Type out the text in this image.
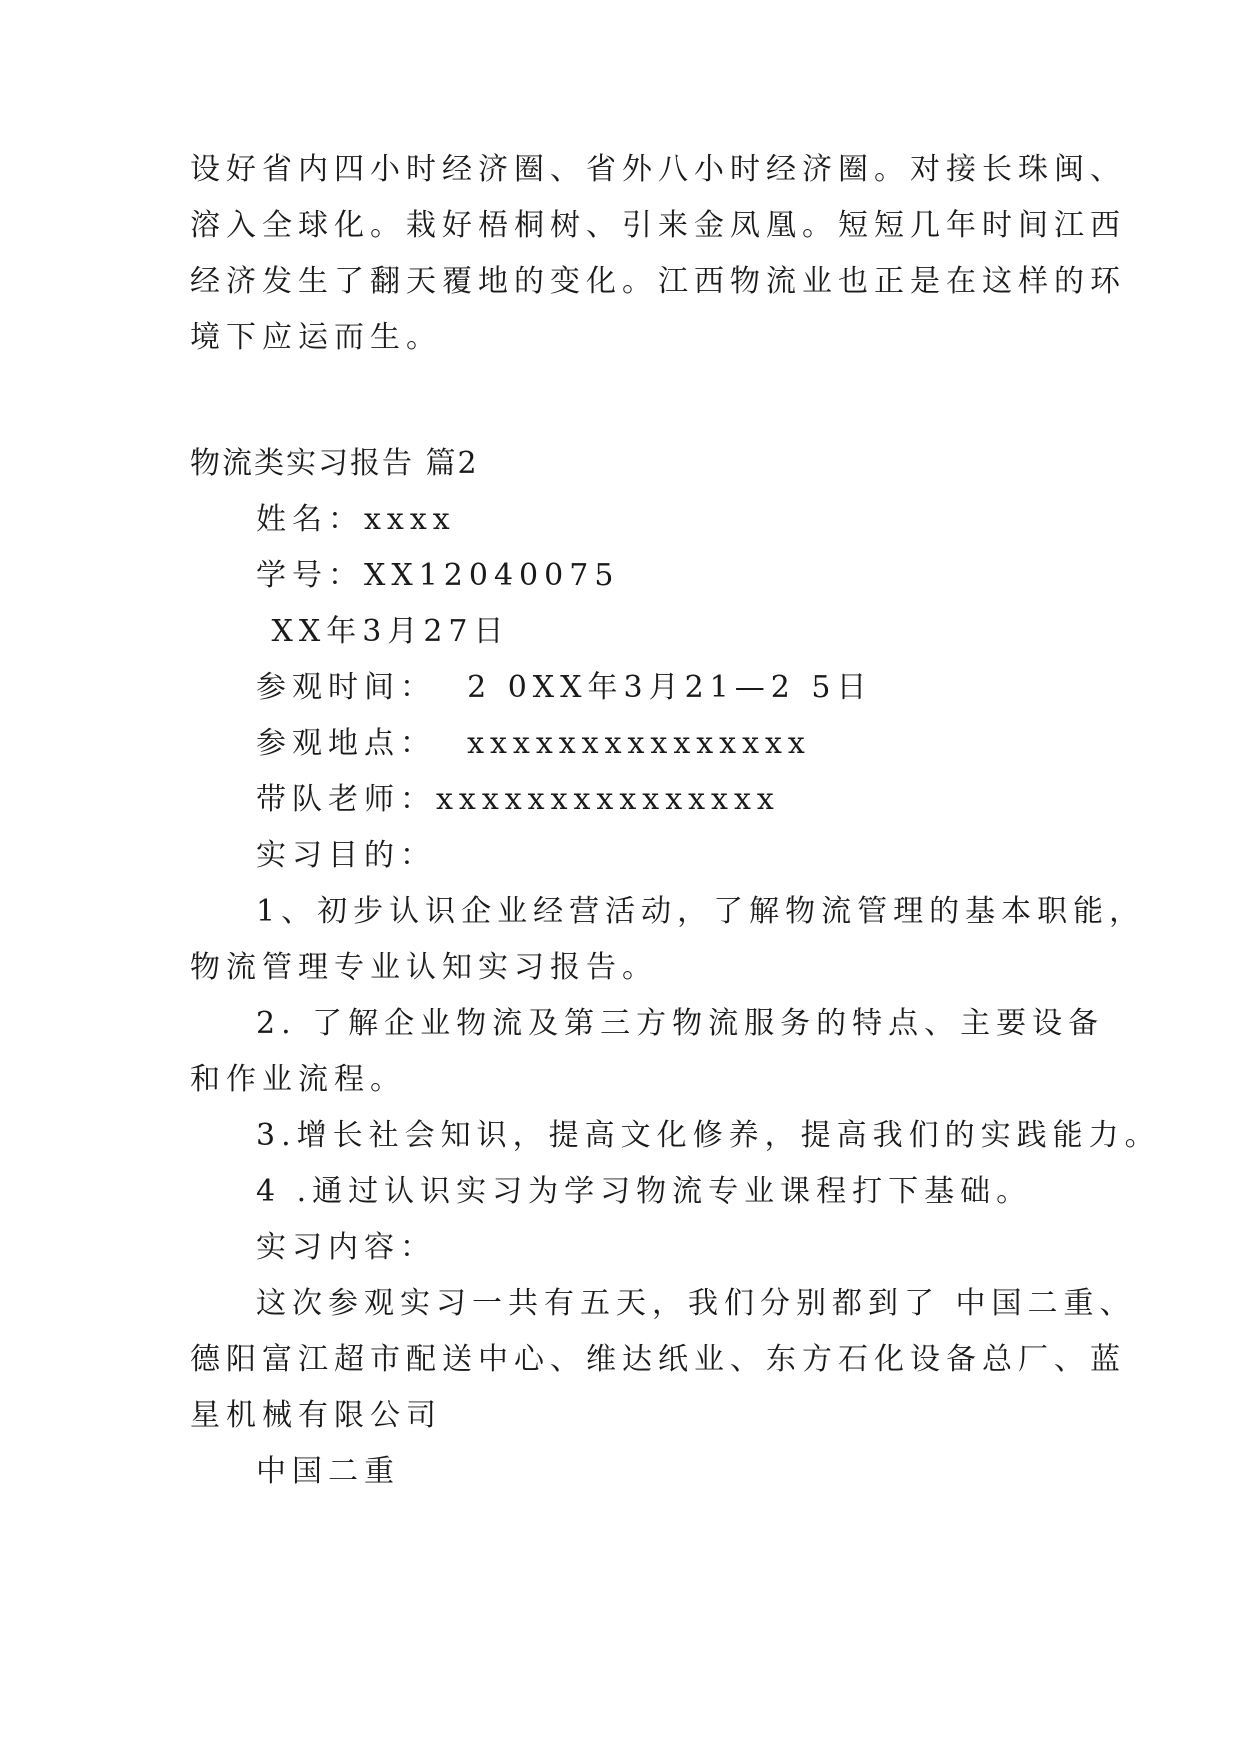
设好省内四小时经济圈、省外八小时经济圈。对接长珠闽、
溶入全球化。栽好梧桐树、引来金凤凰。短短几年时间江西
经济发生了翻天覆地的变化。江西物流业也正是在这样的环
境下应运而生。
物流类实习报告 篇2
姓名：xxxx
学号：XX12040075
XX年3月27日
参观时间：  2 0XX年3月21—2 5日
参观地点：  xxxxxxxxxxxxxxx
带队老师：xxxxxxxxxxxxxxx
实习目的：
1、初步认识企业经营活动，了解物流管理的基本职能，
物流管理专业认知实习报告。
2. 了解企业物流及第三方物流服务的特点、主要设备
和作业流程。
3.增长社会知识，提高文化修养，提高我们的实践能力。
4 .通过认识实习为学习物流专业课程打下基础。
实习内容：
这次参观实习一共有五天，我们分别都到了 中国二重、
德阳富江超市配送中心、维达纸业、东方石化设备总厂、蓝
星机械有限公司
中国二重
